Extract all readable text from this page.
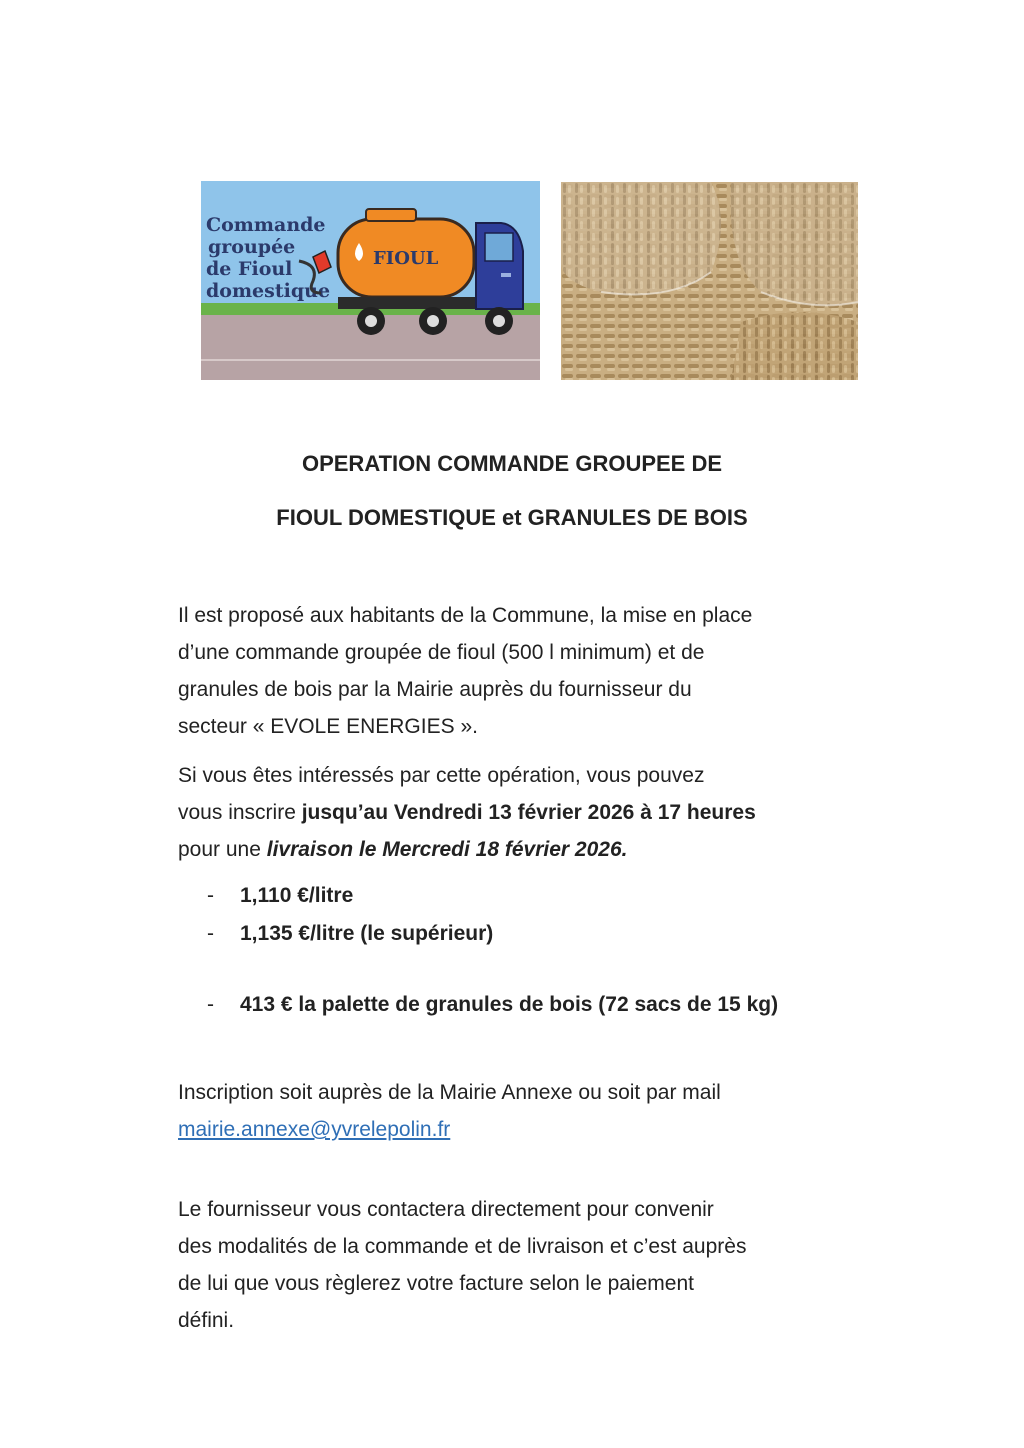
Commande
groupée
de Fioul
domestique
FIOUL
OPERATION COMMANDE GROUPEE DE
FIOUL DOMESTIQUE et GRANULES DE BOIS
Il est proposé aux habitants de la Commune, la mise en place
d’une commande groupée de fioul (500 l minimum) et de
granules de bois par la Mairie auprès du fournisseur du
secteur « EVOLE ENERGIES ».
Si vous êtes intéressés par cette opération, vous pouvez
vous inscrire jusqu’au Vendredi 13 février 2026 à 17 heures
pour une livraison le Mercredi 18 février 2026.
- 1,110 €/litre
- 1,135 €/litre (le supérieur)
- 413 € la palette de granules de bois (72 sacs de 15 kg)
Inscription soit auprès de la Mairie Annexe ou soit par mail
mairie.annexe@yvrelepolin.fr
Le fournisseur vous contactera directement pour convenir
des modalités de la commande et de livraison et c’est auprès
de lui que vous règlerez votre facture selon le paiement
défini.
